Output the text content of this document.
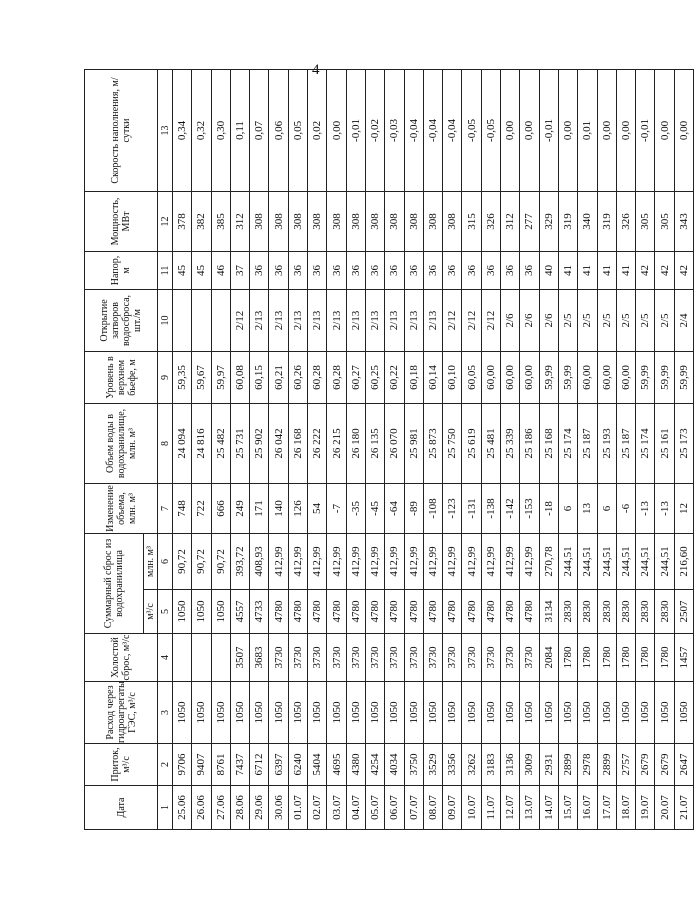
4
Дата	Приток, м³/с	Расход через гидроагрегаты ГЭС, м³/с	Холостой сброс, м³/с	Суммарный сброс из водохранилища		Изменение объема, млн. м³	Объем воды в водохранилище, млн. м³	Уровень в верхнем бьефе, м	Открытие затворов водосброса, шт./м	Напор, м	Мощность, МВт	Скорость наполнения, м/сутки
				м³/с	млн. м³							
1	2	3	4	5	6	7	8	9	10	11	12	13
25.06	9706	1050		1050	90,72	748	24 094	59,35		45	378	0,34
26.06	9407	1050		1050	90,72	722	24 816	59,67		45	382	0,32
27.06	8761	1050		1050	90,72	666	25 482	59,97		46	385	0,30
28.06	7437	1050	3507	4557	393,72	249	25 731	60,08	2/12	37	312	0,11
29.06	6712	1050	3683	4733	408,93	171	25 902	60,15	2/13	36	308	0,07
30.06	6397	1050	3730	4780	412,99	140	26 042	60,21	2/13	36	308	0,06
01.07	6240	1050	3730	4780	412,99	126	26 168	60,26	2/13	36	308	0,05
02.07	5404	1050	3730	4780	412,99	54	26 222	60,28	2/13	36	308	0,02
03.07	4695	1050	3730	4780	412,99	-7	26 215	60,28	2/13	36	308	0,00
04.07	4380	1050	3730	4780	412,99	-35	26 180	60,27	2/13	36	308	-0,01
05.07	4254	1050	3730	4780	412,99	-45	26 135	60,25	2/13	36	308	-0,02
06.07	4034	1050	3730	4780	412,99	-64	26 070	60,22	2/13	36	308	-0,03
07.07	3750	1050	3730	4780	412,99	-89	25 981	60,18	2/13	36	308	-0,04
08.07	3529	1050	3730	4780	412,99	-108	25 873	60,14	2/13	36	308	-0,04
09.07	3356	1050	3730	4780	412,99	-123	25 750	60,10	2/12	36	308	-0,04
10.07	3262	1050	3730	4780	412,99	-131	25 619	60,05	2/12	36	315	-0,05
11.07	3183	1050	3730	4780	412,99	-138	25 481	60,00	2/12	36	326	-0,05
12.07	3136	1050	3730	4780	412,99	-142	25 339	60,00	2/6	36	312	0,00
13.07	3009	1050	3730	4780	412,99	-153	25 186	60,00	2/6	36	277	0,00
14.07	2931	1050	2084	3134	270,78	-18	25 168	59,99	2/6	40	329	-0,01
15.07	2899	1050	1780	2830	244,51	6	25 174	59,99	2/5	41	319	0,00
16.07	2978	1050	1780	2830	244,51	13	25 187	60,00	2/5	41	340	0,01
17.07	2899	1050	1780	2830	244,51	6	25 193	60,00	2/5	41	319	0,00
18.07	2757	1050	1780	2830	244,51	-6	25 187	60,00	2/5	41	326	0,00
19.07	2679	1050	1780	2830	244,51	-13	25 174	59,99	2/5	42	305	-0,01
20.07	2679	1050	1780	2830	244,51	-13	25 161	59,99	2/5	42	305	0,00
21.07	2647	1050	1457	2507	216,60	12	25 173	59,99	2/4	42	343	0,00
